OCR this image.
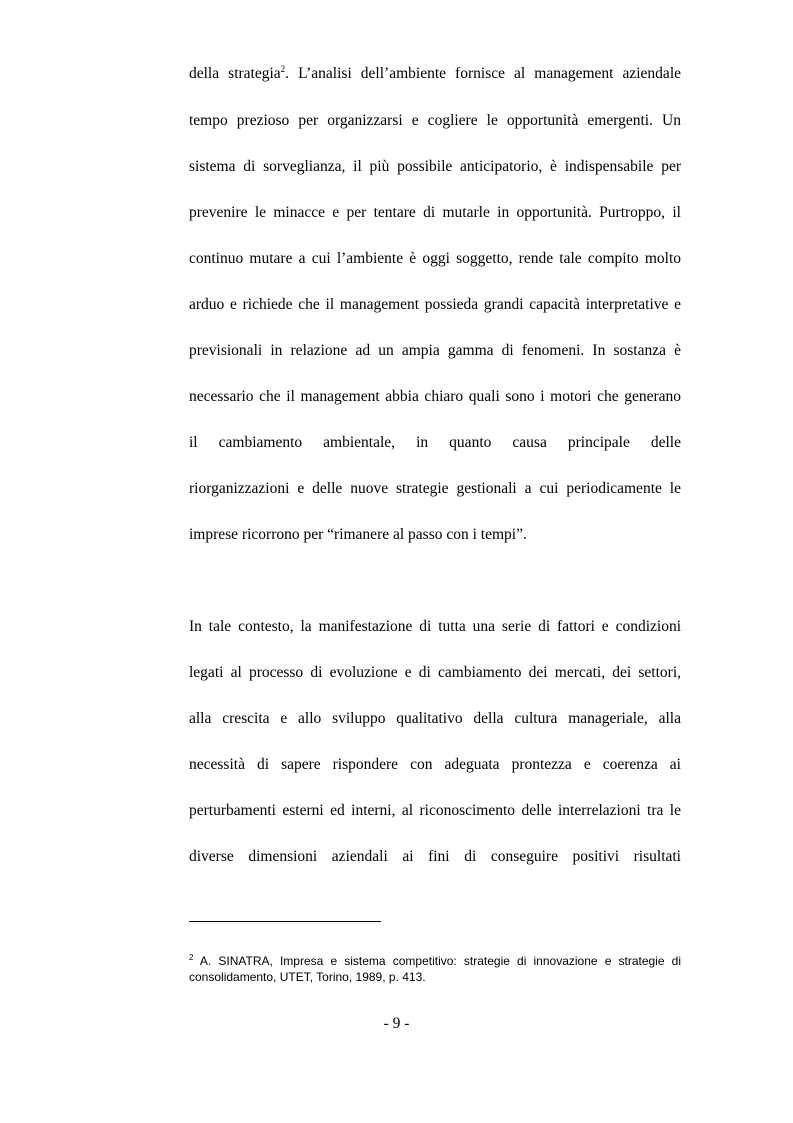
della strategia$^2$. L’analisi dell’ambiente fornisce al management aziendale
tempo prezioso per organizzarsi e cogliere le opportunità emergenti. Un
sistema di sorveglianza, il più possibile anticipatorio, è indispensabile per
prevenire le minacce e per tentare di mutarle in opportunità. Purtroppo, il
continuo mutare a cui l’ambiente è oggi soggetto, rende tale compito molto
arduo e richiede che il management possieda grandi capacità interpretative e
previsionali in relazione ad un ampia gamma di fenomeni. In sostanza è
necessario che il management abbia chiaro quali sono i motori che generano
il cambiamento ambientale, in quanto causa principale delle
riorganizzazioni e delle nuove strategie gestionali a cui periodicamente le
imprese ricorrono per “rimanere al passo con i tempi”.
In tale contesto, la manifestazione di tutta una serie di fattori e condizioni
legati al processo di evoluzione e di cambiamento dei mercati, dei settori,
alla crescita e allo sviluppo qualitativo della cultura manageriale, alla
necessità di sapere rispondere con adeguata prontezza e coerenza ai
perturbamenti esterni ed interni, al riconoscimento delle interrelazioni tra le
diverse dimensioni aziendali ai fini di conseguire positivi risultati
$^2$ A. SINATRA, Impresa e sistema competitivo: strategie di innovazione e strategie di
consolidamento, UTET, Torino, 1989, p. 413.
- 9 -
